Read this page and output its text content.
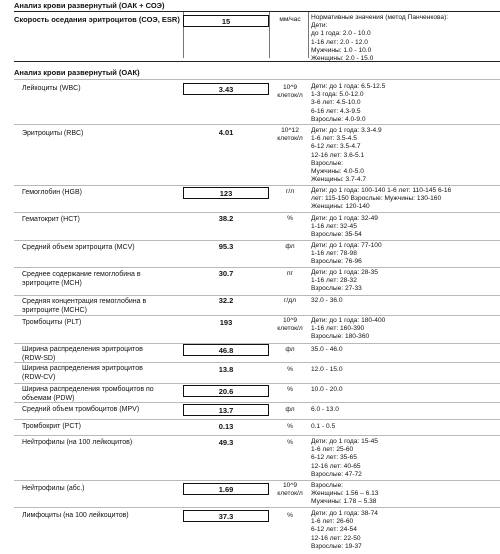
Анализ крови развернутый (ОАК + СОЭ)
Скорость оседания эритроцитов (СОЭ, ESR)	15	мм/час	Нормативные значения (метод Панченкова):
Дети:
до 1 года: 2.0 - 10.0
1-16 лет: 2.0 - 12.0
Мужчины: 1.0 - 10.0
Женщины: 2.0 - 15.0
Анализ крови развернутый (ОАК)
Лейкоциты (WBC)	3.43	10^9
клеток/л
Дети: до 1 года: 6.5-12.5
1-3 года: 5.0-12.0
3-6 лет: 4.5-10.0
6-16 лет: 4.3-9.5
Взрослые: 4.0-9.0
Эритроциты (RBC)	4.01	10^12
клеток/л
Дети: до 1 года: 3.3-4.9
1-6 лет: 3.5-4.5
6-12 лет: 3.5-4.7
12-16 лет: 3.6-5.1
Взрослые:
Мужчины: 4.0-5.0
Женщины: 3.7-4.7
Гемоглобин (HGB)	123	г/л	Дети: до 1 года: 100-140 1-6 лет: 110-145 6-16
лет: 115-150 Взрослые: Мужчины: 130-160
Женщины: 120-140
Гематокрит (HCT)	38.2	%	Дети: до 1 года: 32-49
1-16 лет: 32-45
Взрослые: 35-54
Средний объем эритроцита (MCV)	95.3	фл	Дети: до 1 года: 77-100
1-16 лет: 78-98
Взрослые: 76-96
Среднее содержание гемоглобина в
эритроците (MCH)
30.7	пг	Дети: до 1 года: 28-35
1-16 лет: 28-32
Взрослые: 27-33
Средняя концентрация гемоглобина в
эритроците (MCHC)
32.2	г/дл	32.0 - 36.0
Тромбоциты (PLT)	193	10^9
клеток/л
Дети: до 1 года: 180-400
1-16 лет: 160-390
Взрослые: 180-360
Ширина распределения эритроцитов
(RDW-SD)
46.8	фл	35.0 - 46.0
Ширина распределения эритроцитов
(RDW-CV)
13.8	%	12.0 - 15.0
Ширина распределения тромбоцитов по
объемам (PDW)
20.6	%	10.0 - 20.0
Средний объем тромбоцитов (MPV)	13.7	фл	6.0 - 13.0
Тромбокрит (PCT)	0.13	%	0.1 - 0.5
Нейтрофилы (на 100 лейкоцитов)	49.3	%	Дети: до 1 года: 15-45
1-6 лет: 25-60
6-12 лет: 35-65
12-16 лет: 40-65
Взрослые: 47-72
Нейтрофилы (абс.)	1.69	10^9
клеток/л
Взрослые:
Женщины: 1.56 – 6.13
Мужчины: 1.78 – 5.38
Лимфоциты (на 100 лейкоцитов)	37.3	%	Дети: до 1 года: 38-74
1-6 лет: 26-60
6-12 лет: 24-54
12-16 лет: 22-50
Взрослые: 19-37
